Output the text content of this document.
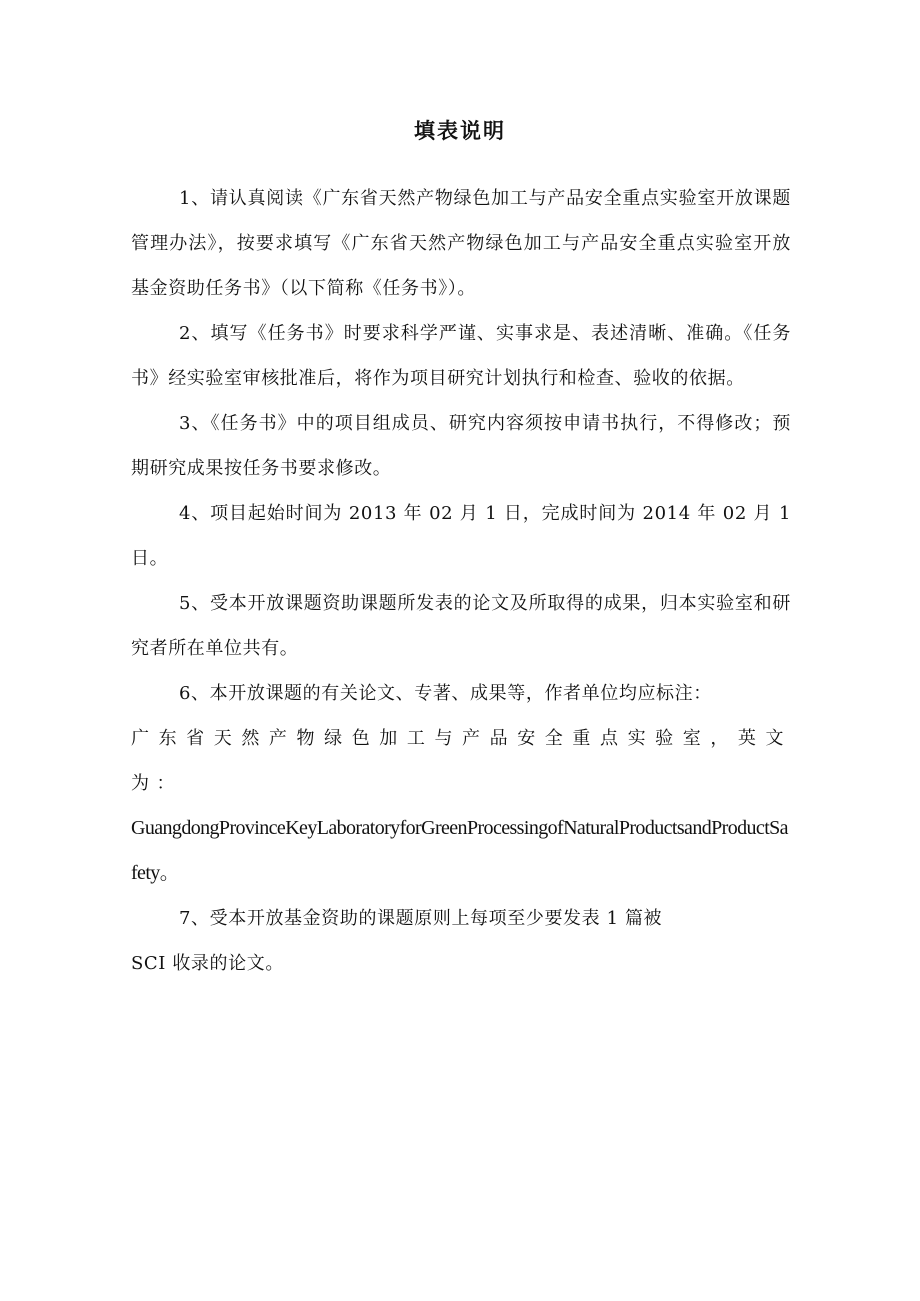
填表说明

1、请认真阅读《广东省天然产物绿色加工与产品安全重点实验室开放课题管理办法》，按要求填写《广东省天然产物绿色加工与产品安全重点实验室开放基金资助任务书》（以下简称《任务书》）。

2、填写《任务书》时要求科学严谨、实事求是、表述清晰、准确。《任务书》经实验室审核批准后，将作为项目研究计划执行和检查、验收的依据。

3、《任务书》中的项目组成员、研究内容须按申请书执行，不得修改；预期研究成果按任务书要求修改。

4、项目起始时间为 2013 年 02 月 1 日，完成时间为 2014 年 02 月 1 日。

5、受本开放课题资助课题所发表的论文及所取得的成果，归本实验室和研究者所在单位共有。

6、本开放课题的有关论文、专著、成果等，作者单位均应标注：
广东省天然产物绿色加工与产品安全重点实验室，英文为：
GuangdongProvinceKeyLaboratoryforGreenProcessingofNaturalProductsandProductSafety。
7、受本开放基金资助的课题原则上每项至少要发表 1 篇被
SCI 收录的论文。
